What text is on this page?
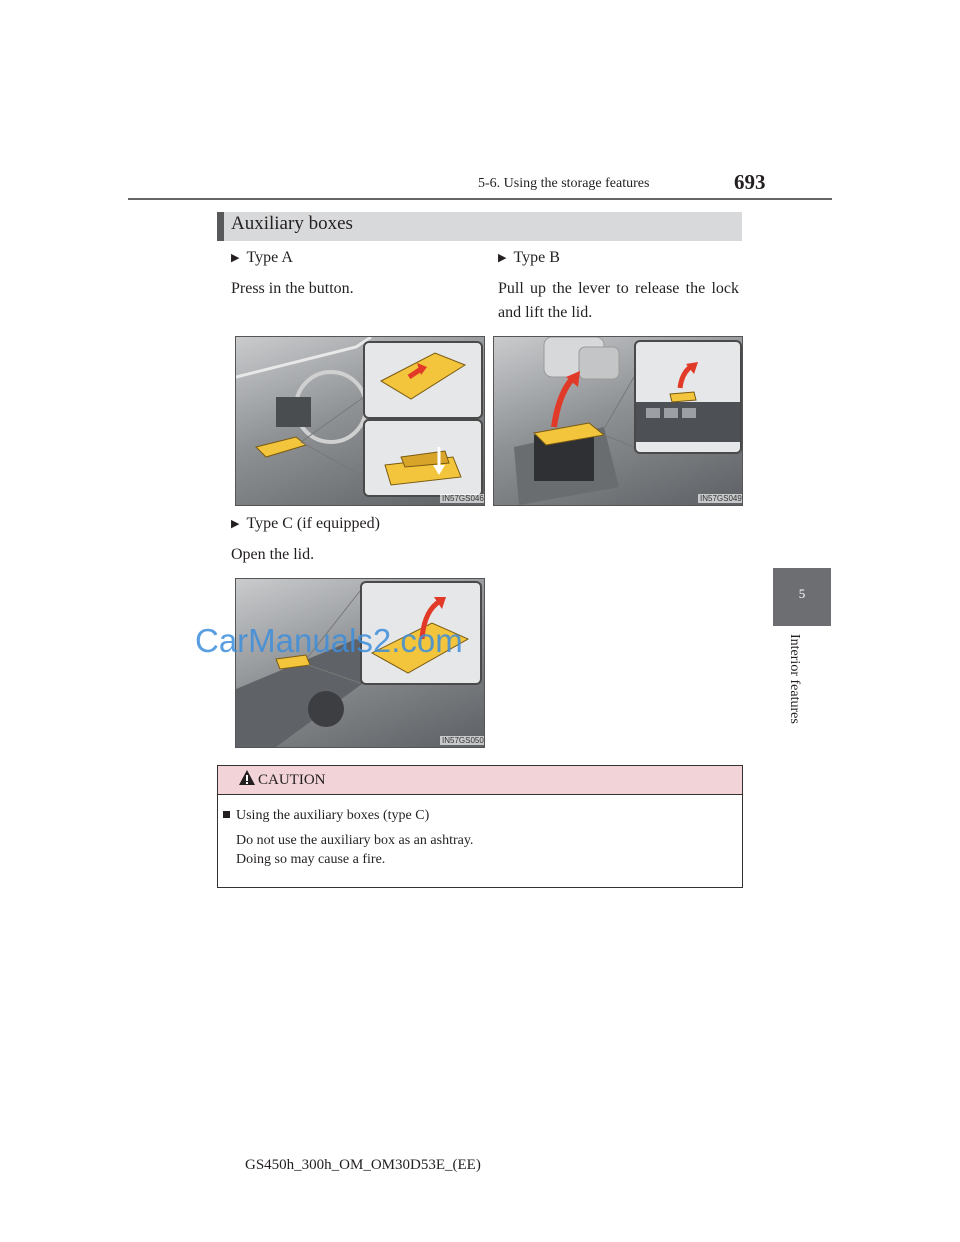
5-6. Using the storage features	693
5
Interior features
Auxiliary boxes
▶ Type A
Press in the button.
▶ Type B
Pull up the lever to release the lock and lift the lid.
IN57GS046	IN57GS049
▶ Type C (if equipped)
Open the lid.
IN57GS050
CarManuals2.com
CAUTION
Using the auxiliary boxes (type C)
Do not use the auxiliary box as an ashtray.
Doing so may cause a fire.
GS450h_300h_OM_OM30D53E_(EE)
